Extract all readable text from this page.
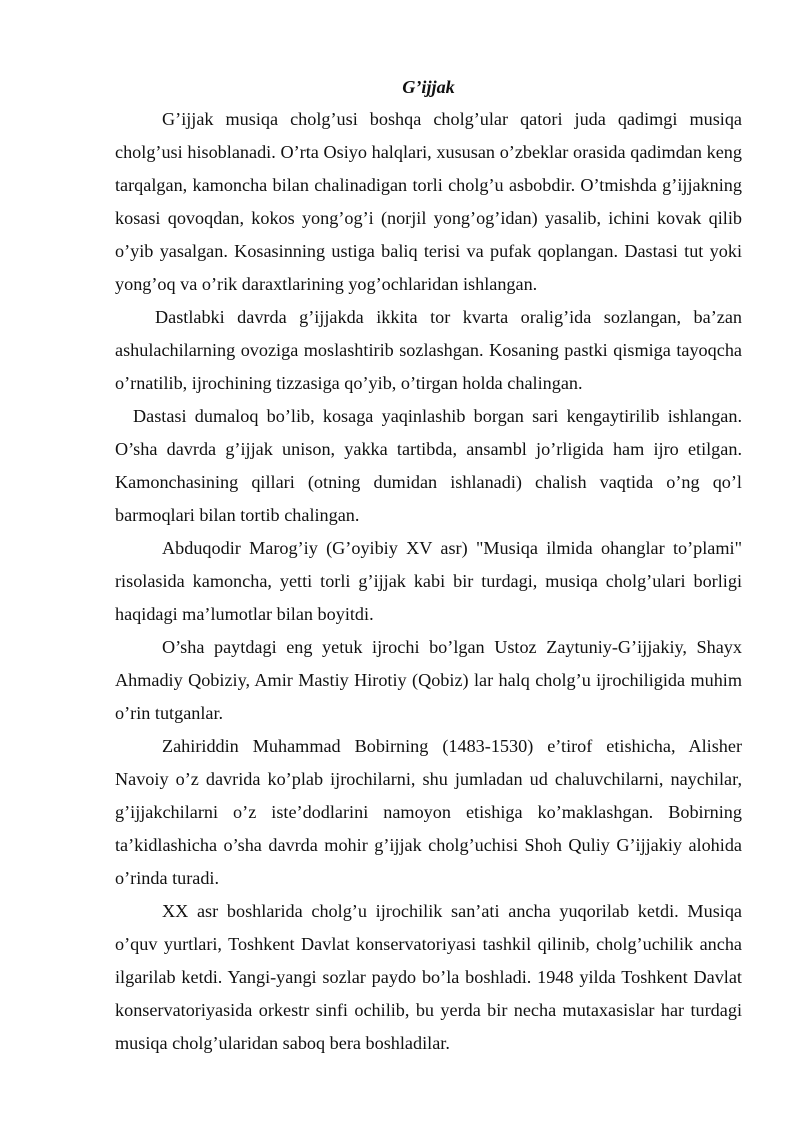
G’ijjak

G’ijjak musiqa cholg’usi boshqa cholg’ular qatori juda qadimgi musiqa cholg’usi hisoblanadi. O’rta Osiyo halqlari, xususan o’zbeklar orasida qadimdan keng tarqalgan, kamoncha bilan chalinadigan torli cholg’u asbobdir. O’tmishda g’ijjakning kosasi qovoqdan, kokos yong’og’i (norjil yong’og’idan) yasalib, ichini kovak qilib o’yib yasalgan. Kosasinning ustiga baliq terisi va pufak qoplangan. Dastasi tut yoki yong’oq va o’rik daraxtlarining yog’ochlaridan ishlangan.

Dastlabki davrda g’ijjakda ikkita tor kvarta oralig’ida sozlangan, ba’zan ashulachilarning ovoziga moslashtirib sozlashgan. Kosaning pastki qismiga tayoqcha o’rnatilib, ijrochining tizzasiga qo’yib, o’tirgan holda chalingan.

Dastasi dumaloq bo’lib, kosaga yaqinlashib borgan sari kengaytirilib ishlangan. O’sha davrda g’ijjak unison, yakka tartibda, ansambl jo’rligida ham ijro etilgan. Kamonchasining qillari (otning dumidan ishlanadi) chalish vaqtida o’ng qo’l barmoqlari bilan tortib chalingan.

Abduqodir Marog’iy (G’oyibiy XV asr) "Musiqa ilmida ohanglar to’plami" risolasida kamoncha, yetti torli g’ijjak kabi bir turdagi, musiqa cholg’ulari borligi haqidagi ma’lumotlar bilan boyitdi.

O’sha paytdagi eng yetuk ijrochi bo’lgan Ustoz Zaytuniy-G’ijjakiy, Shayx Ahmadiy Qobiziy, Amir Mastiy Hirotiy (Qobiz) lar halq cholg’u ijrochiligida muhim o’rin tutganlar.

Zahiriddin Muhammad Bobirning (1483-1530) e’tirof etishicha, Alisher Navoiy o’z davrida ko’plab ijrochilarni, shu jumladan ud chaluvchilarni, naychilar, g’ijjakchilarni o’z iste’dodlarini namoyon etishiga ko’maklashgan. Bobirning ta’kidlashicha o’sha davrda mohir g’ijjak cholg’uchisi Shoh Quliy G’ijjakiy alohida o’rinda turadi.

XX asr boshlarida cholg’u ijrochilik san’ati ancha yuqorilab ketdi. Musiqa o’quv yurtlari, Toshkent Davlat konservatoriyasi tashkil qilinib, cholg’uchilik ancha ilgarilab ketdi. Yangi-yangi sozlar paydo bo’la boshladi. 1948 yilda Toshkent Davlat konservatoriyasida orkestr sinfi ochilib, bu yerda bir necha mutaxasislar har turdagi musiqa cholg’ularidan saboq bera boshladilar.
